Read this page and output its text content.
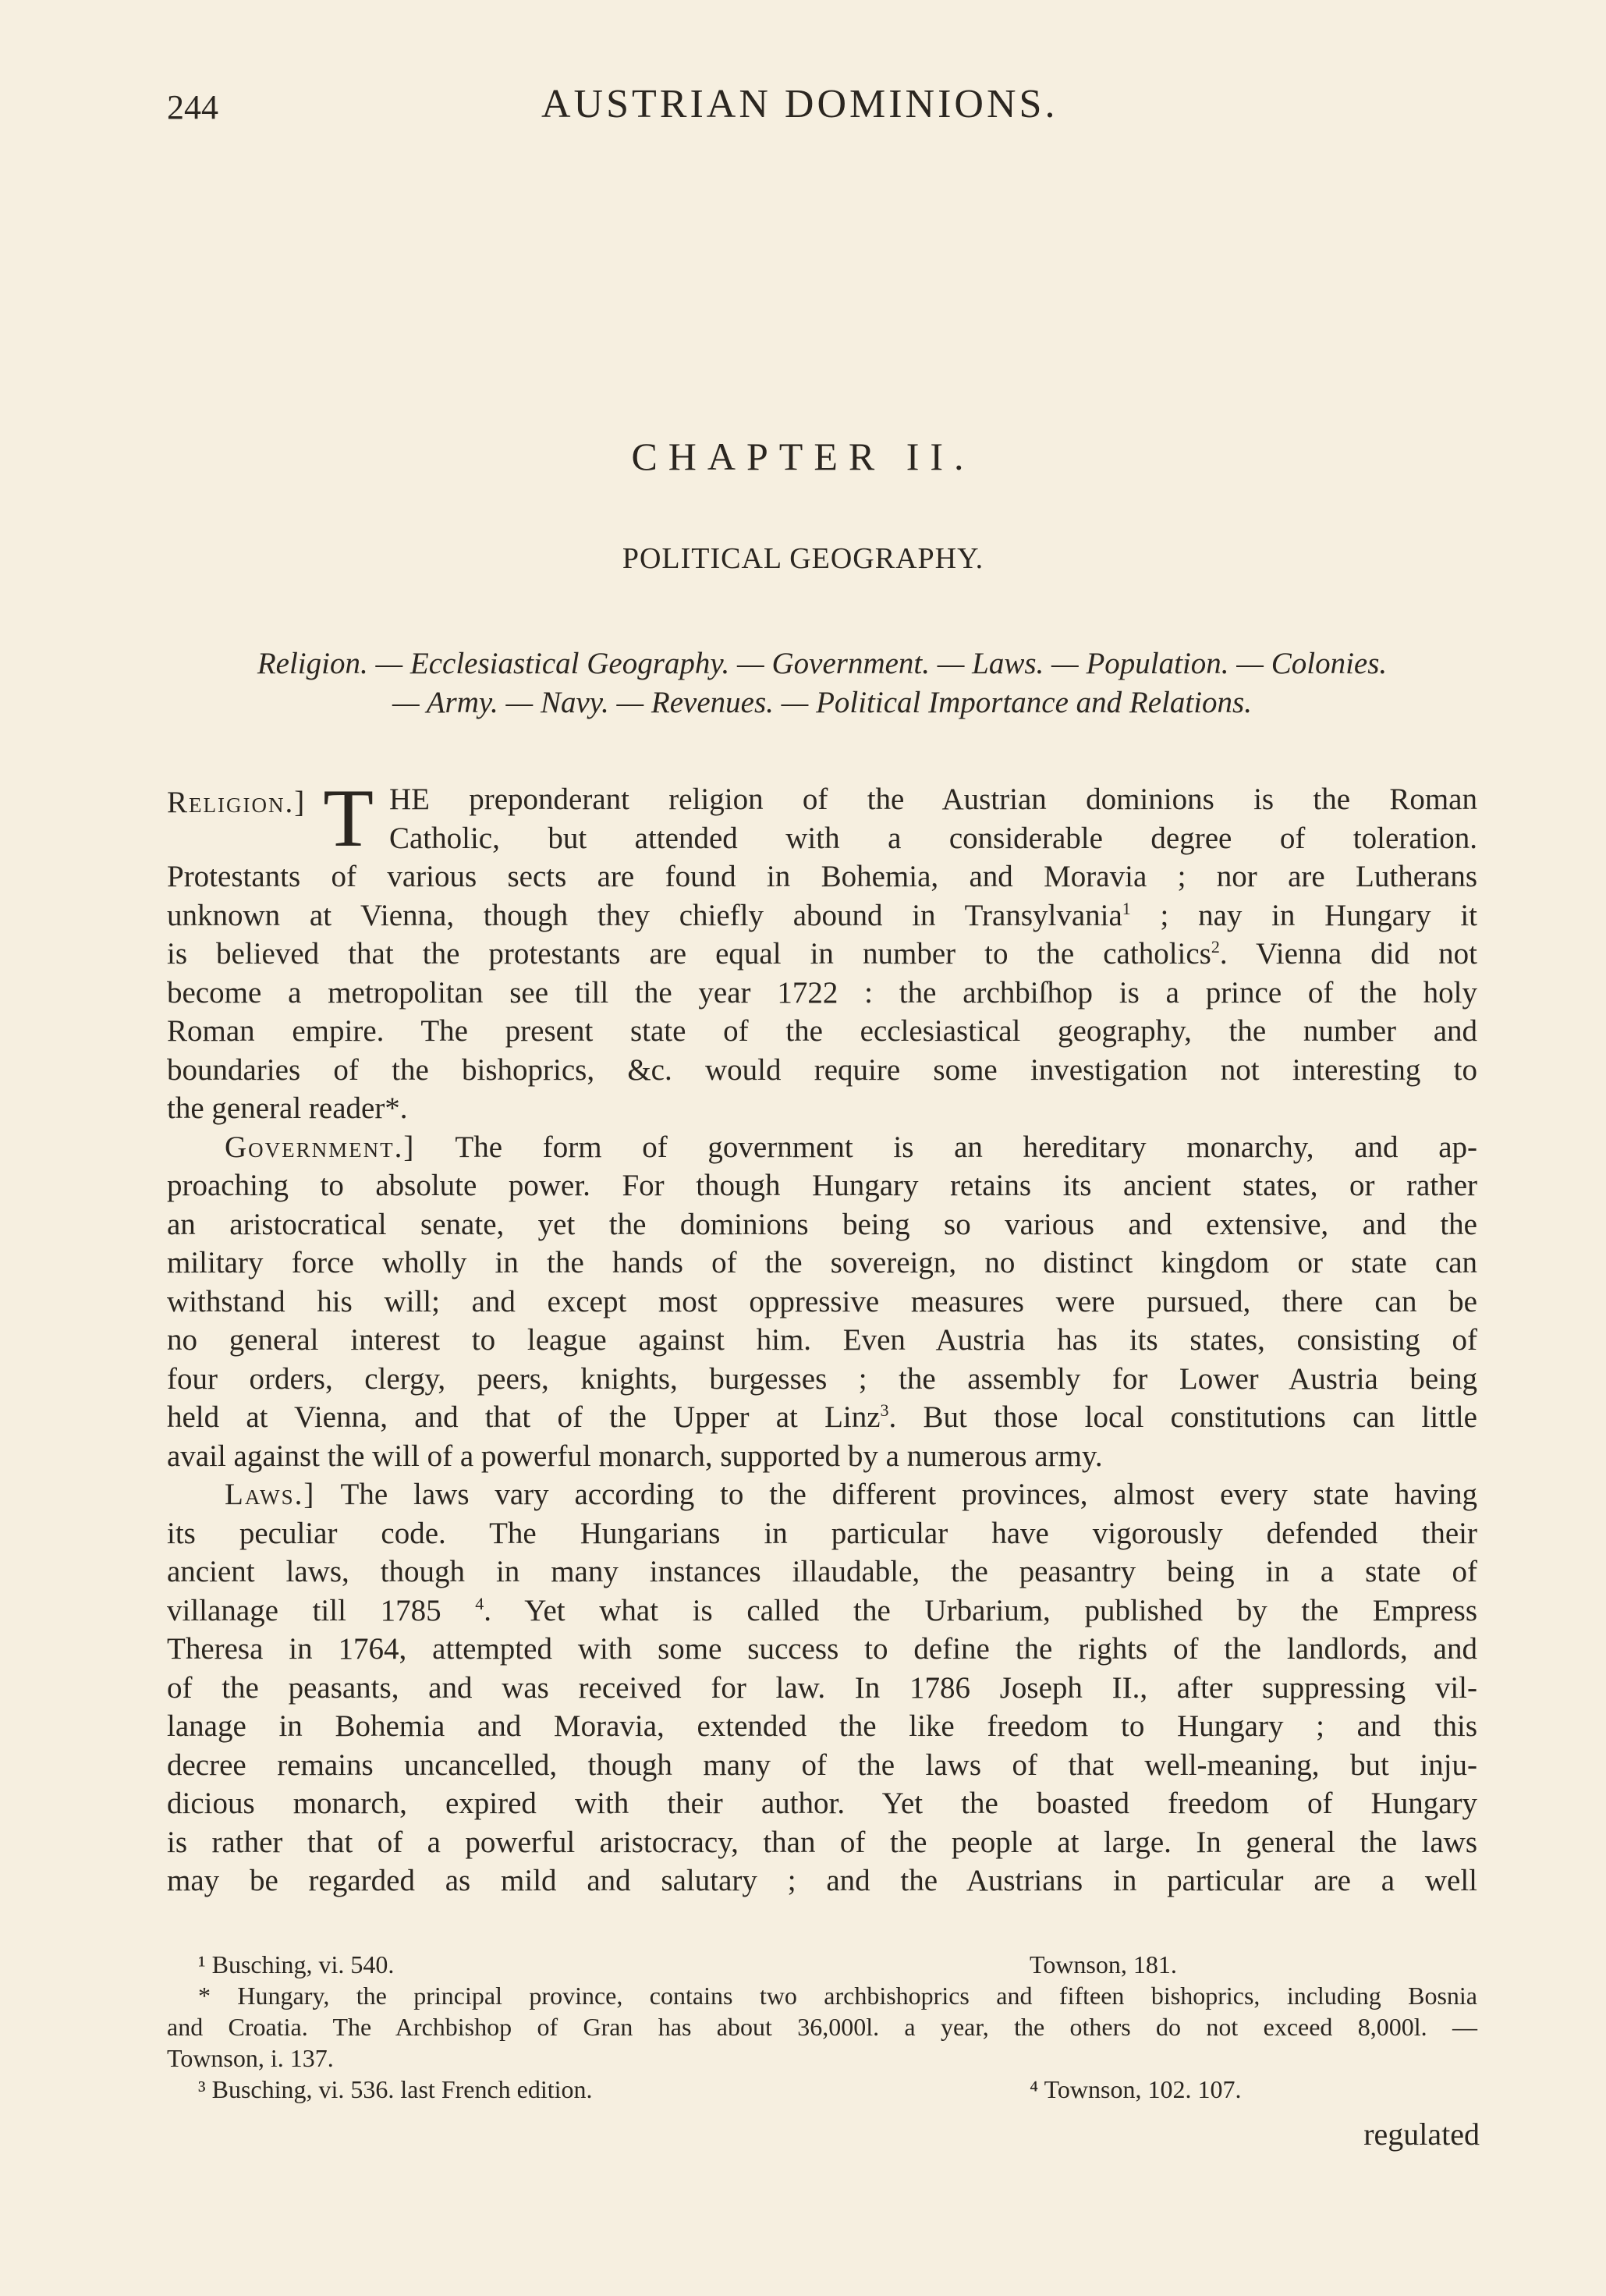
244	AUSTRIAN DOMINIONS.
CHAPTER II.
POLITICAL GEOGRAPHY.
Religion. — Ecclesiastical Geography. — Government. — Laws. — Population. — Colonies.
— Army. — Navy. — Revenues. — Political Importance and Relations.
Religion.] T HE preponderant religion of the Austrian dominions is the Roman
Catholic, but attended with a considerable degree of toleration.
Protestants of various sects are found in Bohemia, and Moravia ; nor are Lutherans
unknown at Vienna, though they chiefly abound in Transylvania$^1$ ; nay in Hungary it
is believed that the protestants are equal in number to the catholics$^2$. Vienna did not
become a metropolitan see till the year 1722 : the archbiſhop is a prince of the holy
Roman empire. The present state of the ecclesiastical geography, the number and
boundaries of the bishoprics, &c. would require some investigation not interesting to
the general reader*.
Government.] The form of government is an hereditary monarchy, and ap-
proaching to absolute power. For though Hungary retains its ancient states, or rather
an aristocratical senate, yet the dominions being so various and extensive, and the
military force wholly in the hands of the sovereign, no distinct kingdom or state can
withstand his will; and except most oppressive measures were pursued, there can be
no general interest to league against him. Even Austria has its states, consisting of
four orders, clergy, peers, knights, burgesses ; the assembly for Lower Austria being
held at Vienna, and that of the Upper at Linz$^3$. But those local constitutions can little
avail against the will of a powerful monarch, supported by a numerous army.
Laws.] The laws vary according to the different provinces, almost every state having
its peculiar code. The Hungarians in particular have vigorously defended their
ancient laws, though in many instances illaudable, the peasantry being in a state of
villanage till 1785 $^4$. Yet what is called the Urbarium, published by the Empress
Theresa in 1764, attempted with some success to define the rights of the landlords, and
of the peasants, and was received for law. In 1786 Joseph II., after suppressing vil-
lanage in Bohemia and Moravia, extended the like freedom to Hungary ; and this
decree remains uncancelled, though many of the laws of that well-meaning, but inju-
dicious monarch, expired with their author. Yet the boasted freedom of Hungary
is rather that of a powerful aristocracy, than of the people at large. In general the laws
may be regarded as mild and salutary ; and the Austrians in particular are a well
¹ Busching, vi. 540.	Townson, 181.
* Hungary, the principal province, contains two archbishoprics and fifteen bishoprics, including Bosnia
and Croatia. The Archbishop of Gran has about 36,000l. a year, the others do not exceed 8,000l. —
Townson, i. 137.
³ Busching, vi. 536. last French edition.	⁴ Townson, 102. 107.
regulated
